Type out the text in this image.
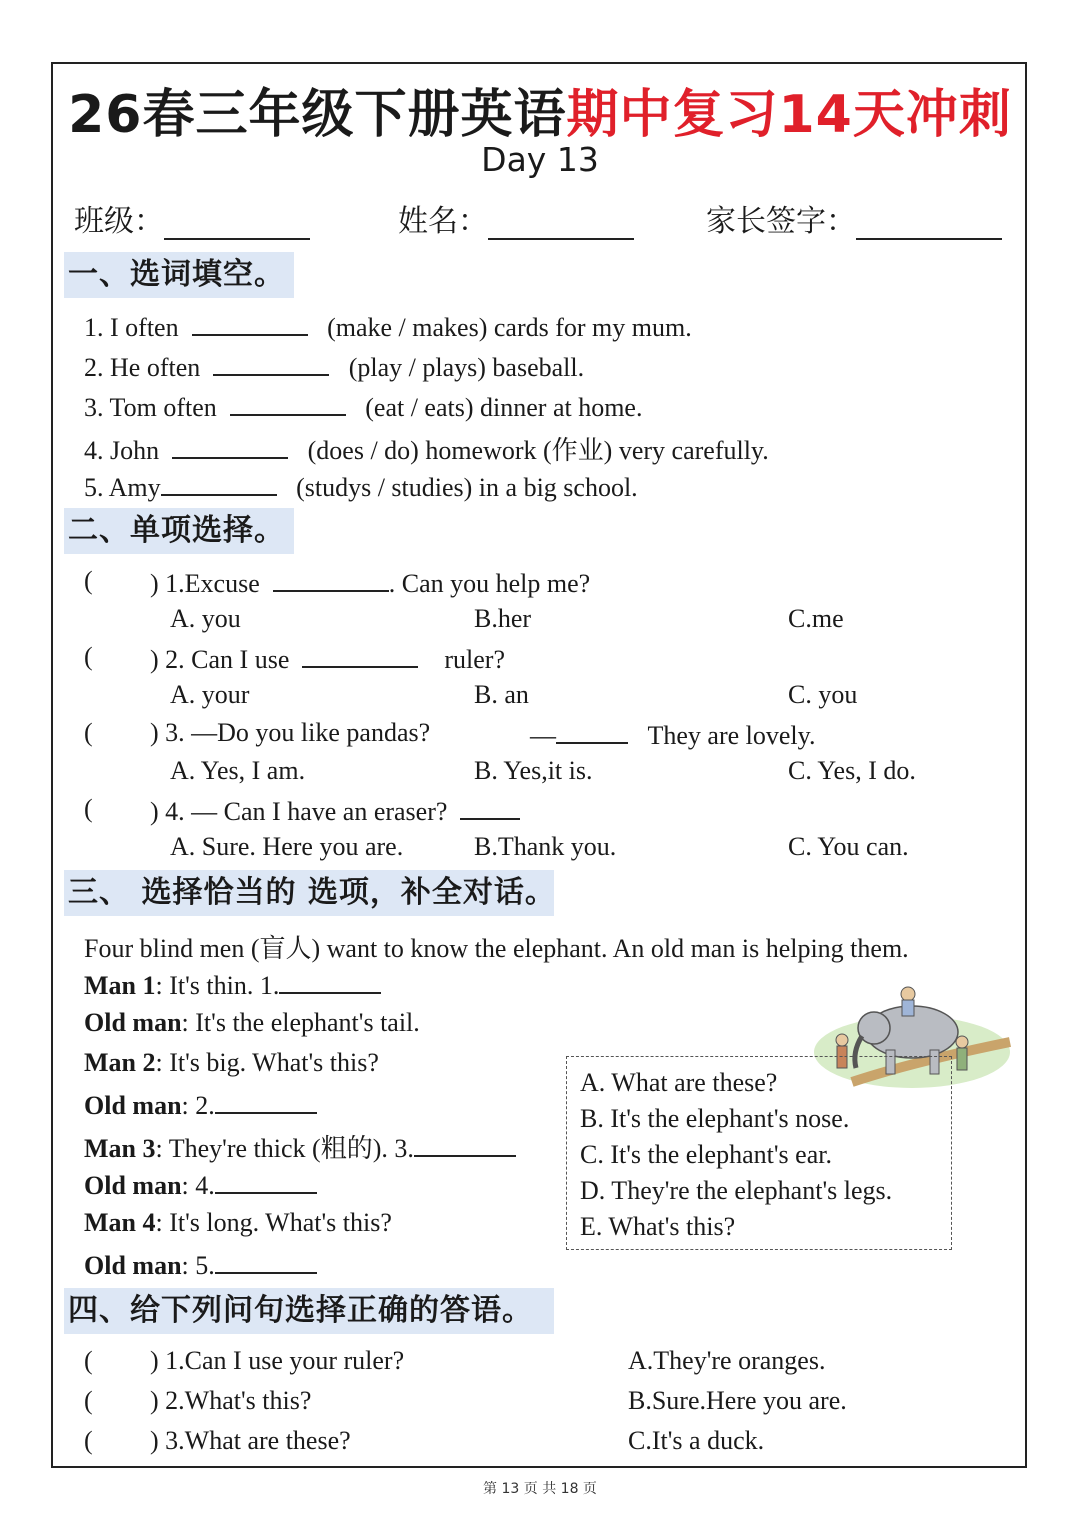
26春三年级下册英语期中复习14天冲刺
Day 13
班级：	姓名：	家长签字：
一、选词填空。
1. I often	(make / makes) cards for my mum.
2. He often	(play / plays) baseball.
3. Tom often	(eat / eats) dinner at home.
4. John	(does / do) homework (作业) very carefully.
5. Amy	(studys / studies) in a big school.
二、单项选择。
( ) 1.Excuse	. Can you help me?
A. you	B.her	C.me
( ) 2. Can I use	ruler?
A. your	B. an	C. you
( ) 3. —Do you like pandas?	—	They are lovely.
A. Yes, I am.	B. Yes,it is.	C. Yes, I do.
( ) 4. — Can I have an eraser?
A. Sure. Here you are.	B.Thank you.	C. You can.
三、 选择恰当的 选项，补全对话。
Four blind men (盲人) want to know the elephant. An old man is helping them.
Man 1: It's thin. 1.
Old man: It's the elephant's tail.
Man 2: It's big. What's this?
Old man: 2.
Man 3: They're thick (粗的). 3.
Old man: 4.
Man 4: It's long. What's this?
Old man: 5.
A. What are these?
B. It's the elephant's nose.
C. It's the elephant's ear.
D. They're the elephant's legs.
E. What's this?
四、给下列问句选择正确的答语。
( ) 1.Can I use your ruler?	A.They're oranges.
( ) 2.What's this?	B.Sure.Here you are.
( ) 3.What are these?	C.It's a duck.
第 13 页 共 18 页
